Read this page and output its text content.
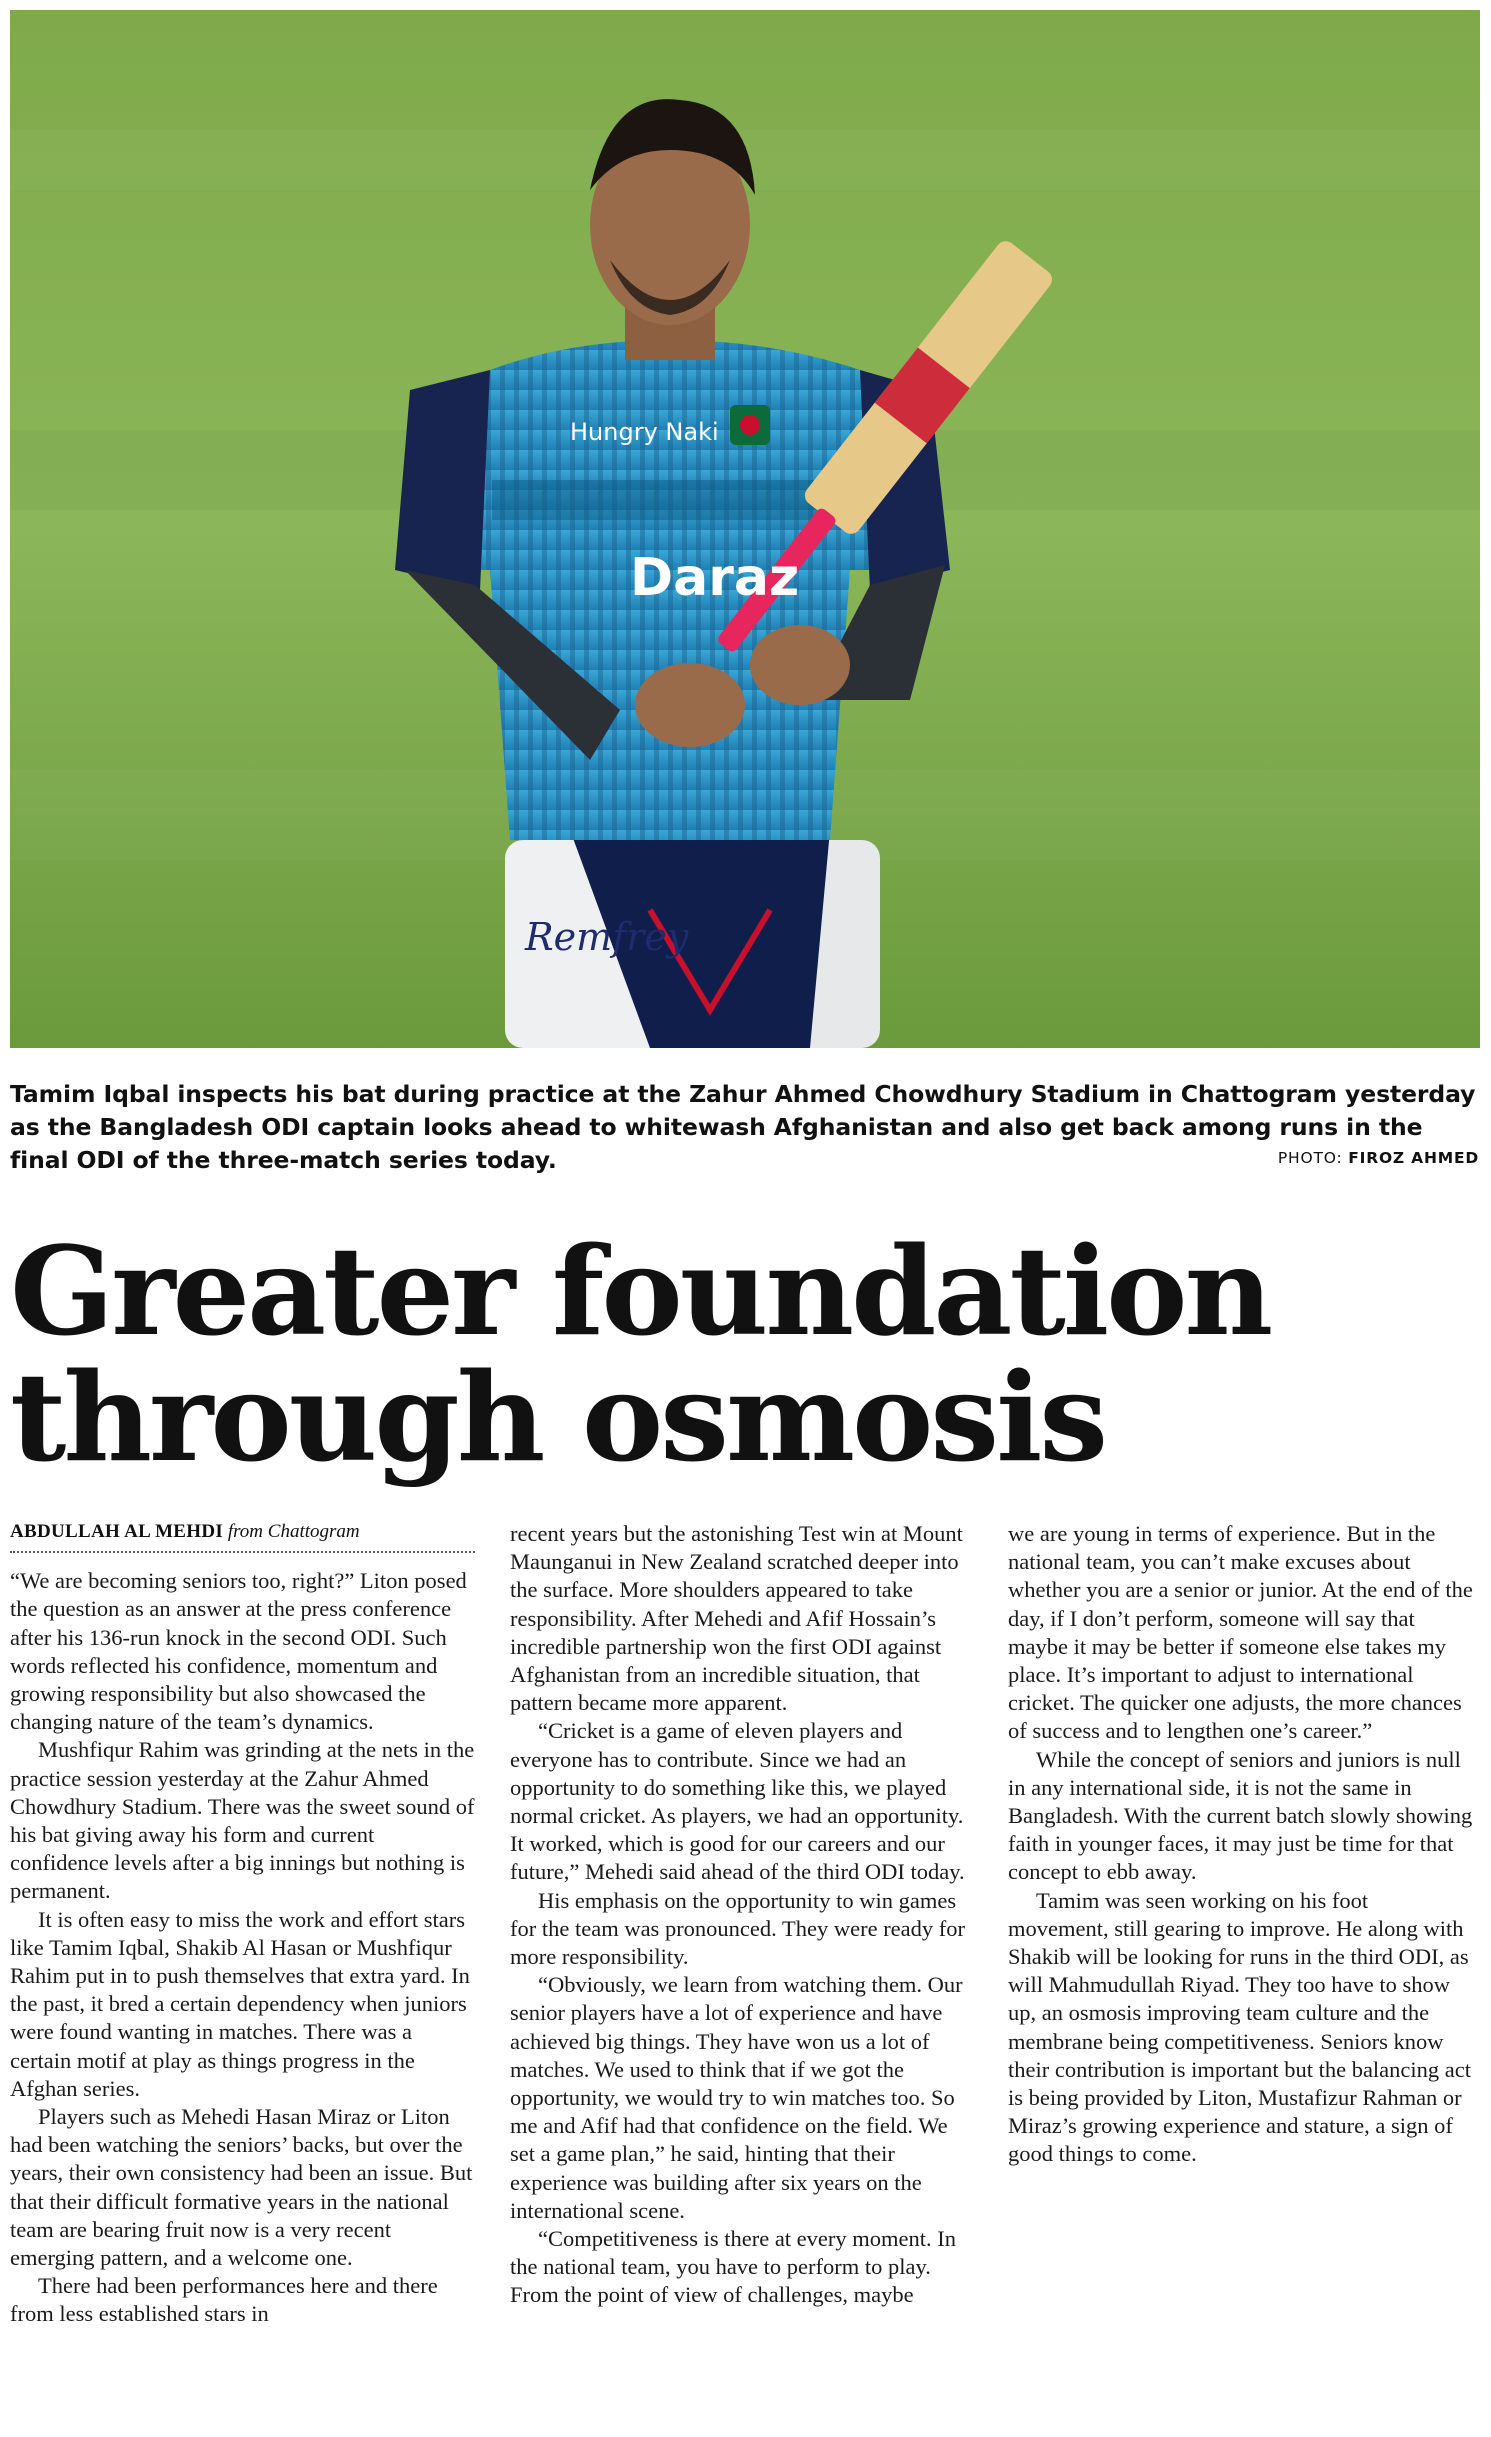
Hungry Naki
Daraz
Remfrey
Tamim Iqbal inspects his bat during practice at the Zahur Ahmed Chowdhury Stadium in Chattogram yesterday as the Bangladesh ODI captain looks ahead to whitewash Afghanistan and also get back among runs in the final ODI of the three-match series today.	PHOTO: FIROZ AHMED
Greater foundation
through osmosis
ABDULLAH AL MEHDI from Chattogram

“We are becoming seniors too, right?” Liton posed the question as an answer at the press conference after his 136-run knock in the second ODI. Such words reflected his confidence, momentum and growing responsibility but also showcased the changing nature of the team’s dynamics.

Mushfiqur Rahim was grinding at the nets in the practice session yesterday at the Zahur Ahmed Chowdhury Stadium. There was the sweet sound of his bat giving away his form and current confidence levels after a big innings but nothing is permanent.

It is often easy to miss the work and effort stars like Tamim Iqbal, Shakib Al Hasan or Mushfiqur Rahim put in to push themselves that extra yard. In the past, it bred a certain dependency when juniors were found wanting in matches. There was a certain motif at play as things progress in the Afghan series.

Players such as Mehedi Hasan Miraz or Liton had been watching the seniors’ backs, but over the years, their own consistency had been an issue. But that their difficult formative years in the national team are bearing fruit now is a very recent emerging pattern, and a welcome one.

There had been performances here and there from less established stars in

recent years but the astonishing Test win at Mount Maunganui in New Zealand scratched deeper into the surface. More shoulders appeared to take responsibility. After Mehedi and Afif Hossain’s incredible partnership won the first ODI against Afghanistan from an incredible situation, that pattern became more apparent.

“Cricket is a game of eleven players and everyone has to contribute. Since we had an opportunity to do something like this, we played normal cricket. As players, we had an opportunity. It worked, which is good for our careers and our future,” Mehedi said ahead of the third ODI today.

His emphasis on the opportunity to win games for the team was pronounced. They were ready for more responsibility.

“Obviously, we learn from watching them. Our senior players have a lot of experience and have achieved big things. They have won us a lot of matches. We used to think that if we got the opportunity, we would try to win matches too. So me and Afif had that confidence on the field. We set a game plan,” he said, hinting that their experience was building after six years on the international scene.

“Competitiveness is there at every moment. In the national team, you have to perform to play. From the point of view of challenges, maybe

we are young in terms of experience. But in the national team, you can’t make excuses about whether you are a senior or junior. At the end of the day, if I don’t perform, someone will say that maybe it may be better if someone else takes my place. It’s important to adjust to international cricket. The quicker one adjusts, the more chances of success and to lengthen one’s career.”

While the concept of seniors and juniors is null in any international side, it is not the same in Bangladesh. With the current batch slowly showing faith in younger faces, it may just be time for that concept to ebb away.

Tamim was seen working on his foot movement, still gearing to improve. He along with Shakib will be looking for runs in the third ODI, as will Mahmudullah Riyad. They too have to show up, an osmosis improving team culture and the membrane being competitiveness. Seniors know their contribution is important but the balancing act is being provided by Liton, Mustafizur Rahman or Miraz’s growing experience and stature, a sign of good things to come.
